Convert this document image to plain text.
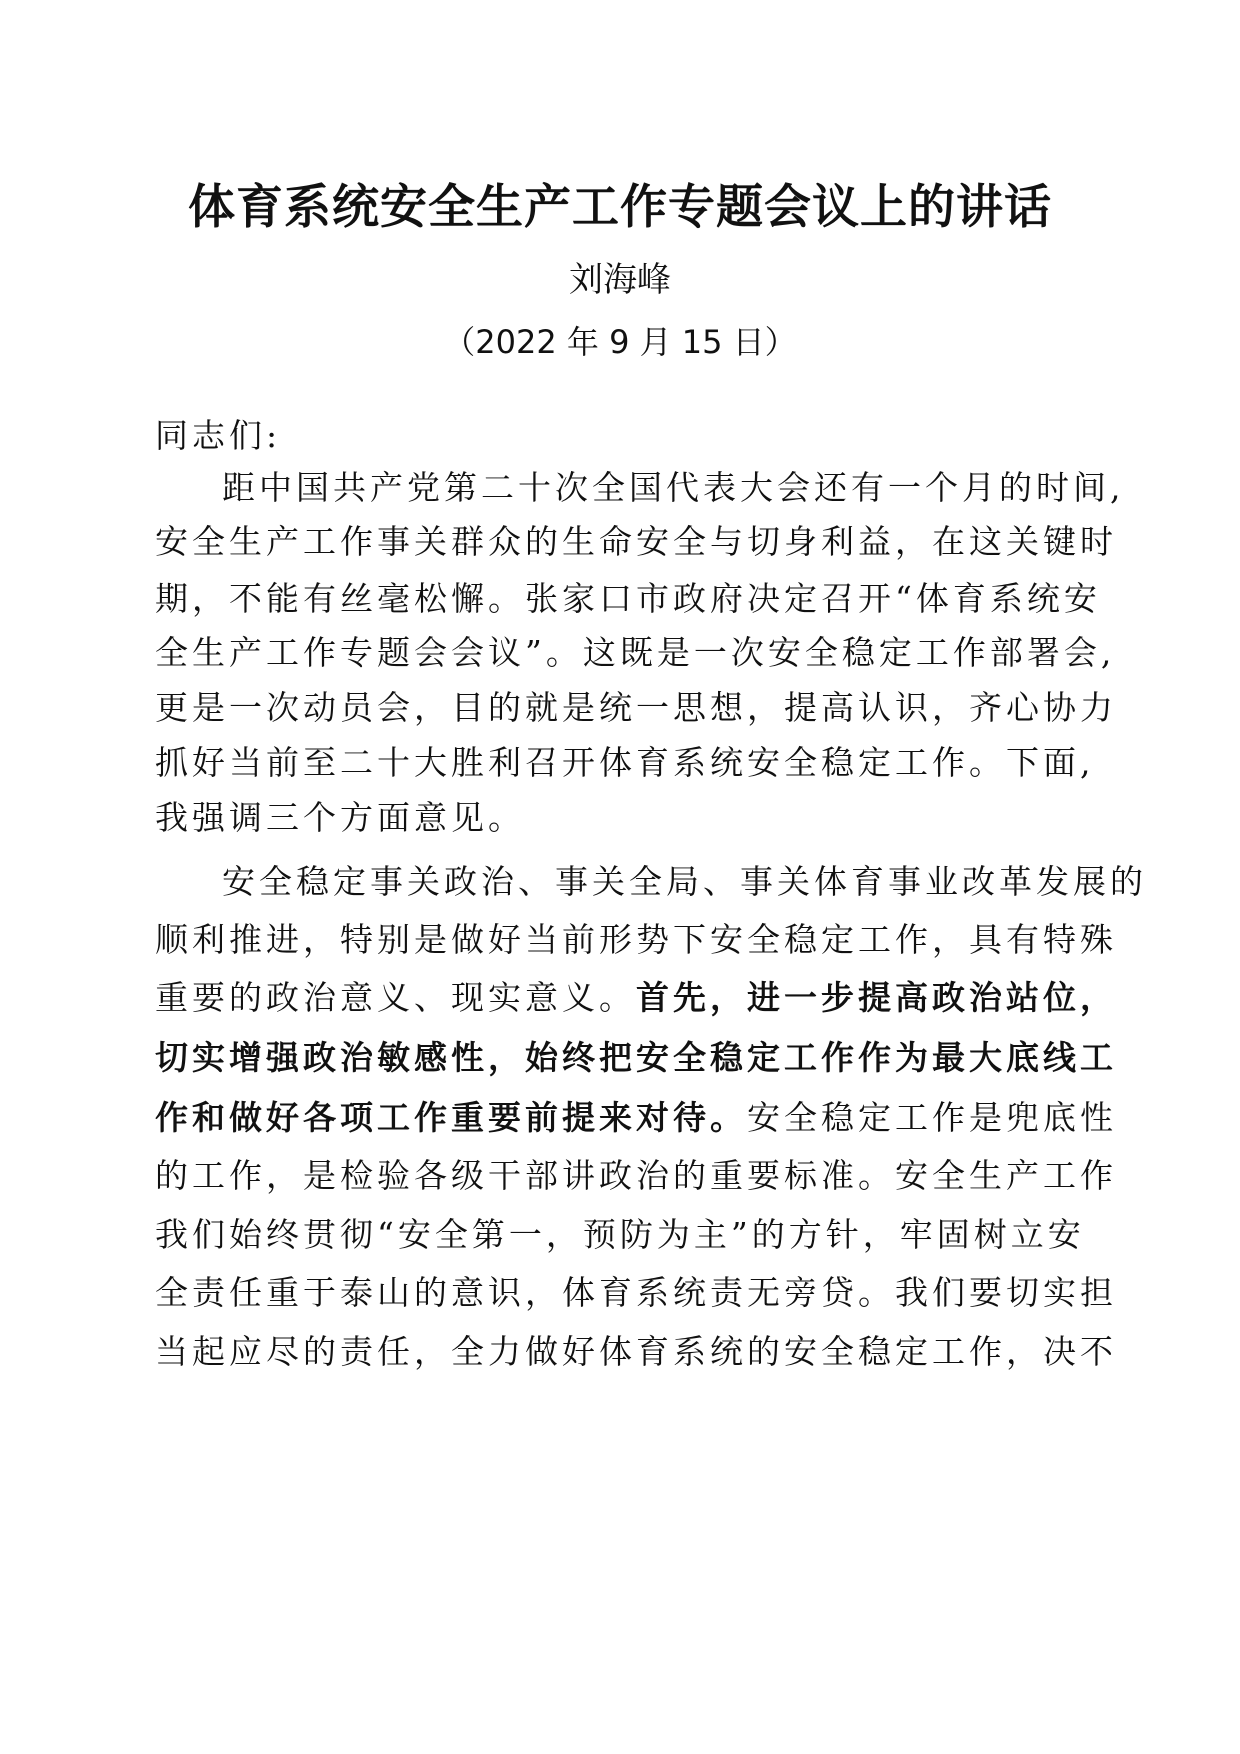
体育系统安全生产工作专题会议上的讲话
刘海峰
（2022 年 9 月 15 日）
同志们:
距中国共产党第二十次全国代表大会还有一个月的时间,
安全生产工作事关群众的生命安全与切身利益，在这关键时
期，不能有丝毫松懈。张家口市政府决定召开“体育系统安
全生产工作专题会会议”。这既是一次安全稳定工作部署会,
更是一次动员会，目的就是统一思想，提高认识，齐心协力
抓好当前至二十大胜利召开体育系统安全稳定工作。下面,
我强调三个方面意见。
安全稳定事关政治、事关全局、事关体育事业改革发展的
顺利推进，特别是做好当前形势下安全稳定工作，具有特殊
重要的政治意义、现实意义。首先，进一步提高政治站位，
切实增强政治敏感性，始终把安全稳定工作作为最大底线工
作和做好各项工作重要前提来对待。安全稳定工作是兜底性
的工作，是检验各级干部讲政治的重要标准。安全生产工作
我们始终贯彻“安全第一，预防为主”的方针，牢固树立安
全责任重于泰山的意识，体育系统责无旁贷。我们要切实担
当起应尽的责任，全力做好体育系统的安全稳定工作，决不
